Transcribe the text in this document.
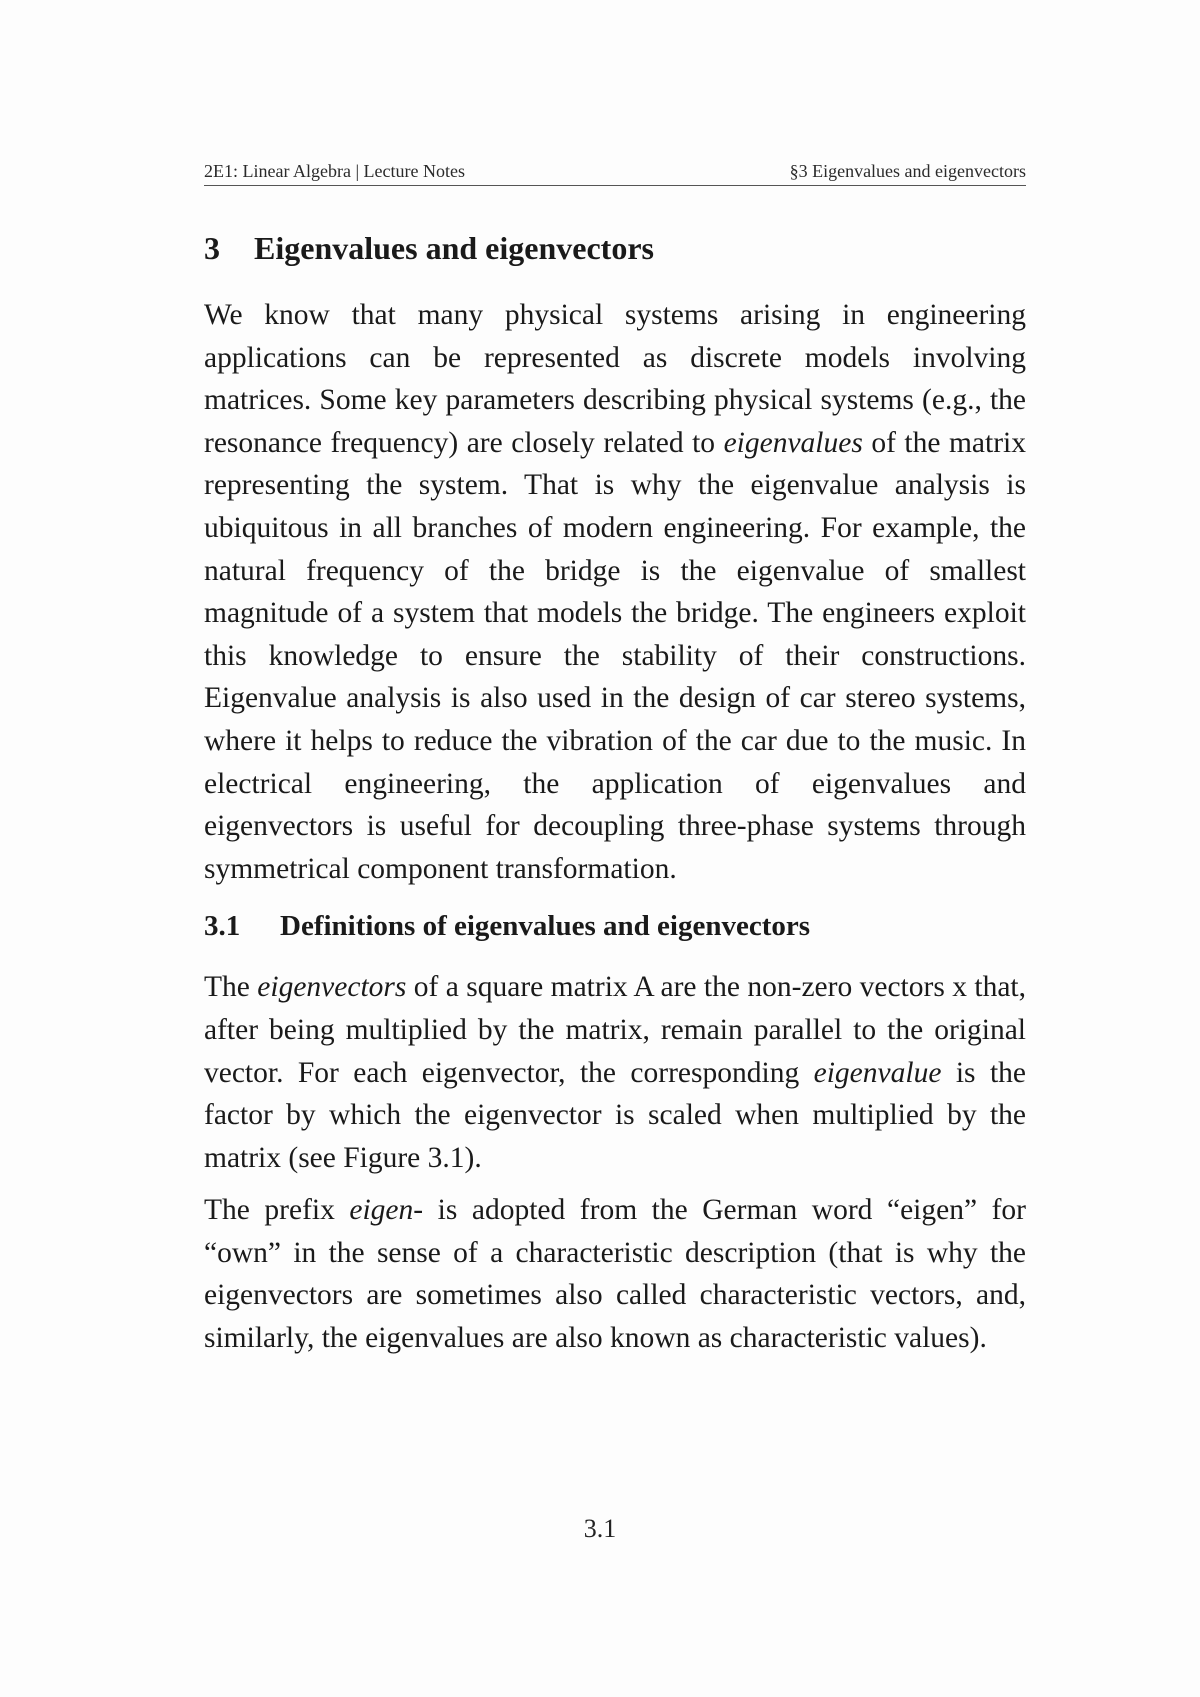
2E1: Linear Algebra | Lecture Notes	§3 Eigenvalues and eigenvectors
3	Eigenvalues and eigenvectors

We know that many physical systems arising in engineering applications can be represented as discrete models involving matrices. Some key parameters describing physical systems (e.g., the resonance frequency) are closely related to eigenvalues of the matrix representing the system. That is why the eigenvalue analysis is ubiquitous in all branches of modern engineering. For example, the natural frequency of the bridge is the eigenvalue of smallest magnitude of a system that models the bridge. The engineers exploit this knowledge to ensure the stability of their constructions. Eigenvalue analysis is also used in the design of car stereo systems, where it helps to reduce the vibration of the car due to the music. In electrical engineering, the application of eigenvalues and eigenvectors is useful for decoupling three-phase systems through symmetrical component transformation.

3.1	Definitions of eigenvalues and eigenvectors

The eigenvectors of a square matrix A are the non-zero vectors x that, after being multiplied by the matrix, remain parallel to the original vector. For each eigenvector, the corresponding eigenvalue is the factor by which the eigenvector is scaled when multiplied by the matrix (see Figure 3.1).

The prefix eigen- is adopted from the German word “eigen” for “own” in the sense of a characteristic description (that is why the eigenvectors are sometimes also called characteristic vectors, and, similarly, the eigenvalues are also known as characteristic values).

3.1
